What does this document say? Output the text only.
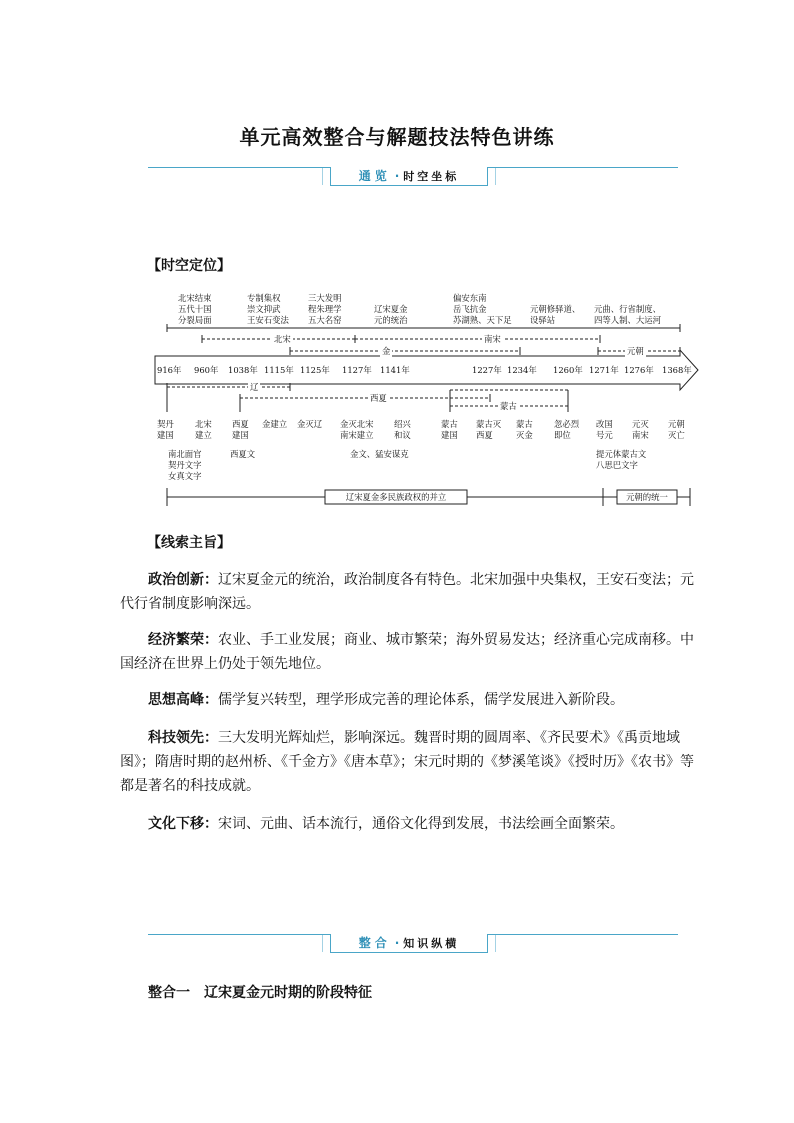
单元高效整合与解题技法特色讲练
通览 · 时空坐标
【时空定位】
北宋结束
五代十国
分裂局面
专制集权
崇文抑武
王安石变法
三大发明
程朱理学
五大名窑
辽宋夏金
元的统治
偏安东南
岳飞抗金
苏湖熟、天下足
元朝修驿道、
设驿站
元曲、行省制度、
四等人制、大运河
北宋	南宋
金	元朝
916年 960年 1038年 1115年 1125年 1127年 1141年	1227年 1234年 1260年 1271年 1276年 1368年
辽
西夏
蒙古
契丹
建国
北宋
建立
西夏
建国
金建立 金灭辽 金灭北宋
南宋建立
绍兴
和议
蒙古
建国
蒙古灭
西夏
蒙古
灭金
忽必烈
即位
改国
号元
元灭
南宋
元朝
灭亡
南北面官
契丹文字
女真文字
西夏文	金文、猛安谋克	提元体蒙古文
八思巴文字
辽宋夏金多民族政权的并立	元朝的统一
【线索主旨】
政治创新：辽宋夏金元的统治，政治制度各有特色。北宋加强中央集权，王安石变法；元代行省制度影响深远。
经济繁荣：农业、手工业发展；商业、城市繁荣；海外贸易发达；经济重心完成南移。中国经济在世界上仍处于领先地位。
思想高峰：儒学复兴转型，理学形成完善的理论体系，儒学发展进入新阶段。
科技领先：三大发明光辉灿烂，影响深远。魏晋时期的圆周率、《齐民要术》《禹贡地域图》；隋唐时期的赵州桥、《千金方》《唐本草》；宋元时期的《梦溪笔谈》《授时历》《农书》等都是著名的科技成就。
文化下移：宋词、元曲、话本流行，通俗文化得到发展，书法绘画全面繁荣。
整合 · 知识纵横
整合一　辽宋夏金元时期的阶段特征
